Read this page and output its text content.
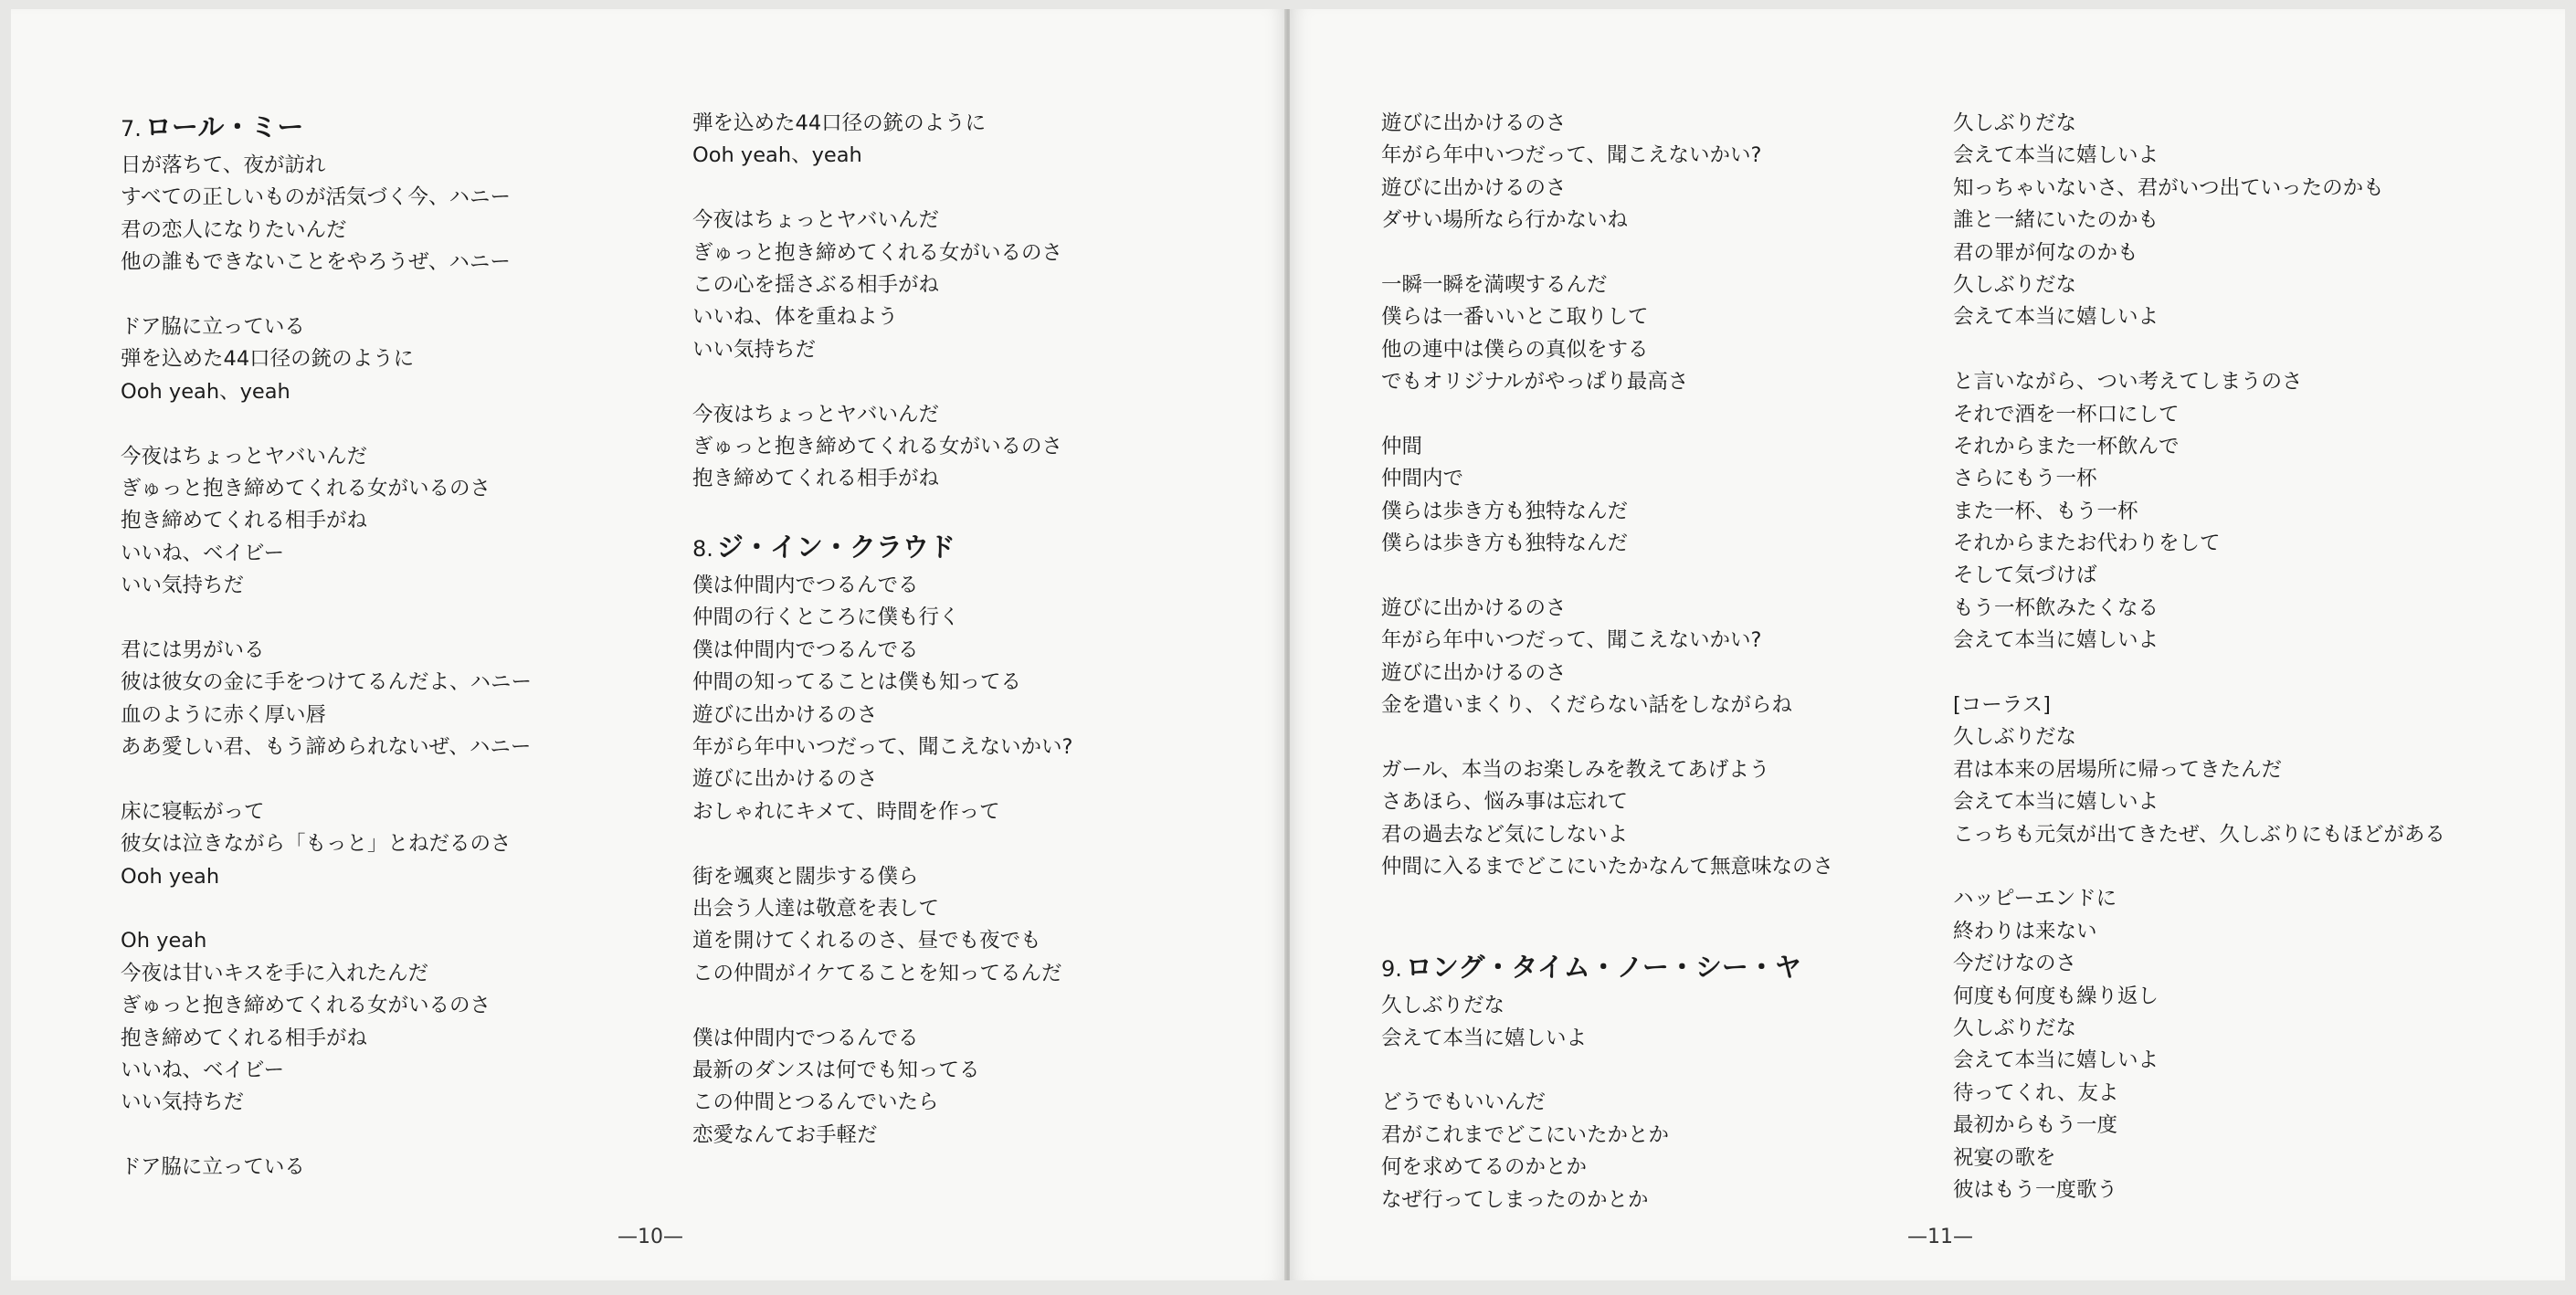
7. ロール・ミー
日が落ちて、夜が訪れ
すべての正しいものが活気づく今、ハニー
君の恋人になりたいんだ
他の誰もできないことをやろうぜ、ハニー
ドア脇に立っている
弾を込めた44口径の銃のように
Ooh yeah、yeah
今夜はちょっとヤバいんだ
ぎゅっと抱き締めてくれる女がいるのさ
抱き締めてくれる相手がね
いいね、ベイビー
いい気持ちだ
君には男がいる
彼は彼女の金に手をつけてるんだよ、ハニー
血のように赤く厚い唇
ああ愛しい君、もう諦められないぜ、ハニー
床に寝転がって
彼女は泣きながら「もっと」とねだるのさ
Ooh yeah
Oh yeah
今夜は甘いキスを手に入れたんだ
ぎゅっと抱き締めてくれる女がいるのさ
抱き締めてくれる相手がね
いいね、ベイビー
いい気持ちだ
ドア脇に立っている
弾を込めた44口径の銃のように
Ooh yeah、yeah
今夜はちょっとヤバいんだ
ぎゅっと抱き締めてくれる女がいるのさ
この心を揺さぶる相手がね
いいね、体を重ねよう
いい気持ちだ
今夜はちょっとヤバいんだ
ぎゅっと抱き締めてくれる女がいるのさ
抱き締めてくれる相手がね
8. ジ・イン・クラウド
僕は仲間内でつるんでる
仲間の行くところに僕も行く
僕は仲間内でつるんでる
仲間の知ってることは僕も知ってる
遊びに出かけるのさ
年がら年中いつだって、聞こえないかい?
遊びに出かけるのさ
おしゃれにキメて、時間を作って
街を颯爽と闊歩する僕ら
出会う人達は敬意を表して
道を開けてくれるのさ、昼でも夜でも
この仲間がイケてることを知ってるんだ
僕は仲間内でつるんでる
最新のダンスは何でも知ってる
この仲間とつるんでいたら
恋愛なんてお手軽だ
—10—
遊びに出かけるのさ
年がら年中いつだって、聞こえないかい?
遊びに出かけるのさ
ダサい場所なら行かないね
一瞬一瞬を満喫するんだ
僕らは一番いいとこ取りして
他の連中は僕らの真似をする
でもオリジナルがやっぱり最高さ
仲間
仲間内で
僕らは歩き方も独特なんだ
僕らは歩き方も独特なんだ
遊びに出かけるのさ
年がら年中いつだって、聞こえないかい?
遊びに出かけるのさ
金を遣いまくり、くだらない話をしながらね
ガール、本当のお楽しみを教えてあげよう
さあほら、悩み事は忘れて
君の過去など気にしないよ
仲間に入るまでどこにいたかなんて無意味なのさ
9. ロング・タイム・ノー・シー・ヤ
久しぶりだな
会えて本当に嬉しいよ
どうでもいいんだ
君がこれまでどこにいたかとか
何を求めてるのかとか
なぜ行ってしまったのかとか
久しぶりだな
会えて本当に嬉しいよ
知っちゃいないさ、君がいつ出ていったのかも
誰と一緒にいたのかも
君の罪が何なのかも
久しぶりだな
会えて本当に嬉しいよ
と言いながら、つい考えてしまうのさ
それで酒を一杯口にして
それからまた一杯飲んで
さらにもう一杯
また一杯、もう一杯
それからまたお代わりをして
そして気づけば
もう一杯飲みたくなる
会えて本当に嬉しいよ
[コーラス]
久しぶりだな
君は本来の居場所に帰ってきたんだ
会えて本当に嬉しいよ
こっちも元気が出てきたぜ、久しぶりにもほどがある
ハッピーエンドに
終わりは来ない
今だけなのさ
何度も何度も繰り返し
久しぶりだな
会えて本当に嬉しいよ
待ってくれ、友よ
最初からもう一度
祝宴の歌を
彼はもう一度歌う
—11—
